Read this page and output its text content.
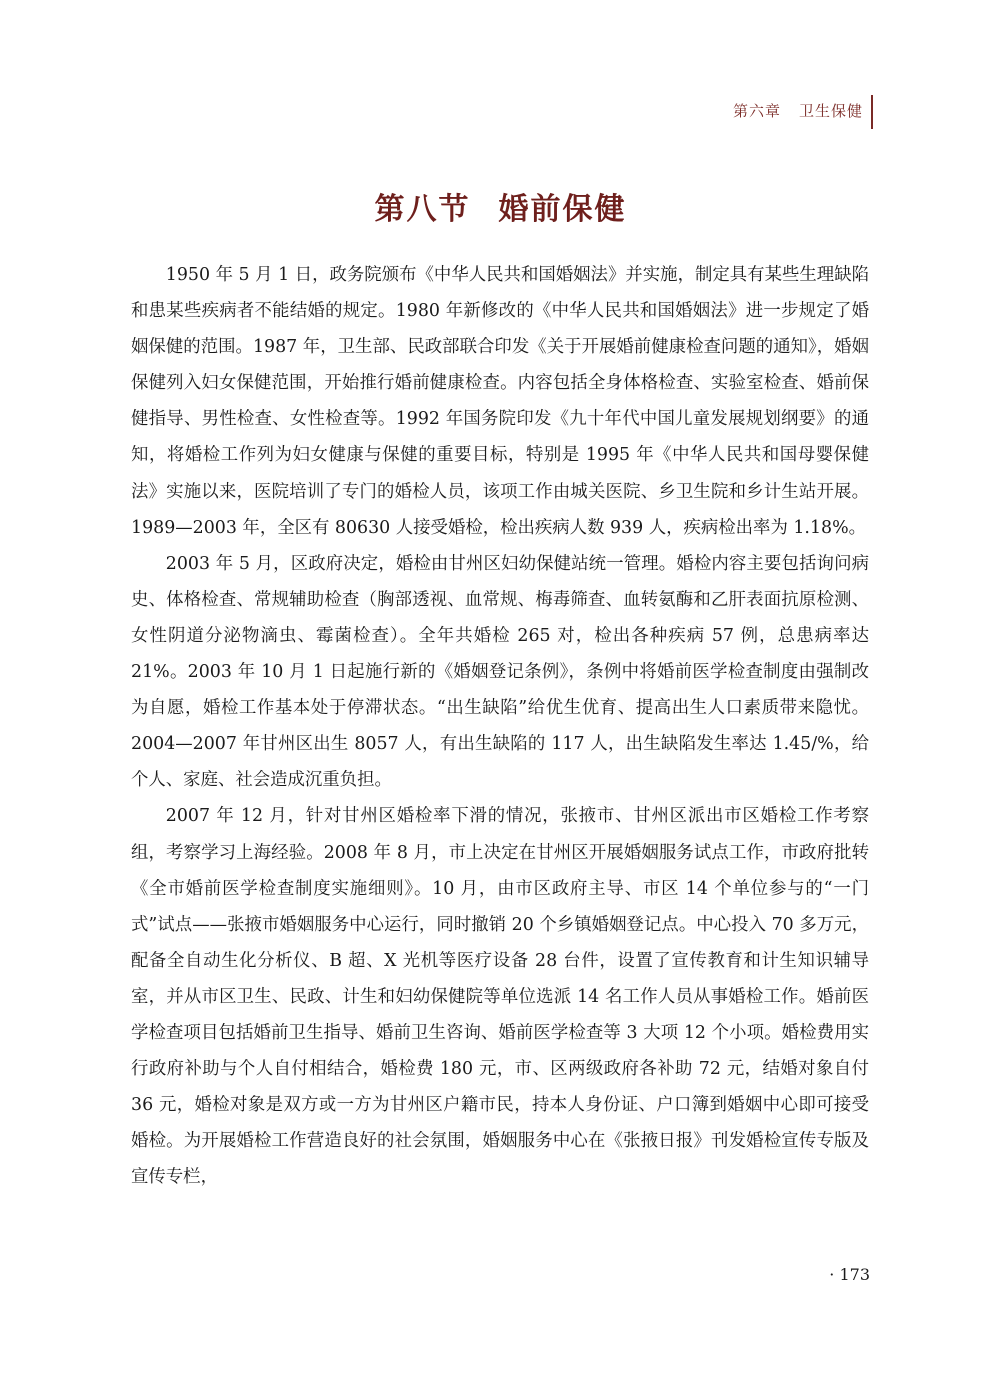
第六章 卫生保健
第八节 婚前保健

1950 年 5 月 1 日，政务院颁布《中华人民共和国婚姻法》并实施，制定具有某些生理缺陷和患某些疾病者不能结婚的规定。1980 年新修改的《中华人民共和国婚姻法》进一步规定了婚姻保健的范围。1987 年，卫生部、民政部联合印发《关于开展婚前健康检查问题的通知》，婚姻保健列入妇女保健范围，开始推行婚前健康检查。内容包括全身体格检查、实验室检查、婚前保健指导、男性检查、女性检查等。1992 年国务院印发《九十年代中国儿童发展规划纲要》的通知，将婚检工作列为妇女健康与保健的重要目标，特别是 1995 年《中华人民共和国母婴保健法》实施以来，医院培训了专门的婚检人员，该项工作由城关医院、乡卫生院和乡计生站开展。1989—2003 年，全区有 80630 人接受婚检，检出疾病人数 939 人，疾病检出率为 1.18%。

2003 年 5 月，区政府决定，婚检由甘州区妇幼保健站统一管理。婚检内容主要包括询问病史、体格检查、常规辅助检查（胸部透视、血常规、梅毒筛查、血转氨酶和乙肝表面抗原检测、女性阴道分泌物滴虫、霉菌检查）。全年共婚检 265 对，检出各种疾病 57 例，总患病率达 21%。2003 年 10 月 1 日起施行新的《婚姻登记条例》，条例中将婚前医学检查制度由强制改为自愿，婚检工作基本处于停滞状态。“出生缺陷”给优生优育、提高出生人口素质带来隐忧。2004—2007 年甘州区出生 8057 人，有出生缺陷的 117 人，出生缺陷发生率达 1.45/%，给个人、家庭、社会造成沉重负担。

2007 年 12 月，针对甘州区婚检率下滑的情况，张掖市、甘州区派出市区婚检工作考察组，考察学习上海经验。2008 年 8 月，市上决定在甘州区开展婚姻服务试点工作，市政府批转《全市婚前医学检查制度实施细则》。10 月，由市区政府主导、市区 14 个单位参与的“一门式”试点——张掖市婚姻服务中心运行，同时撤销 20 个乡镇婚姻登记点。中心投入 70 多万元，配备全自动生化分析仪、B 超、X 光机等医疗设备 28 台件，设置了宣传教育和计生知识辅导室，并从市区卫生、民政、计生和妇幼保健院等单位选派 14 名工作人员从事婚检工作。婚前医学检查项目包括婚前卫生指导、婚前卫生咨询、婚前医学检查等 3 大项 12 个小项。婚检费用实行政府补助与个人自付相结合，婚检费 180 元，市、区两级政府各补助 72 元，结婚对象自付 36 元，婚检对象是双方或一方为甘州区户籍市民，持本人身份证、户口簿到婚姻中心即可接受婚检。为开展婚检工作营造良好的社会氛围，婚姻服务中心在《张掖日报》刊发婚检宣传专版及宣传专栏，

· 173
